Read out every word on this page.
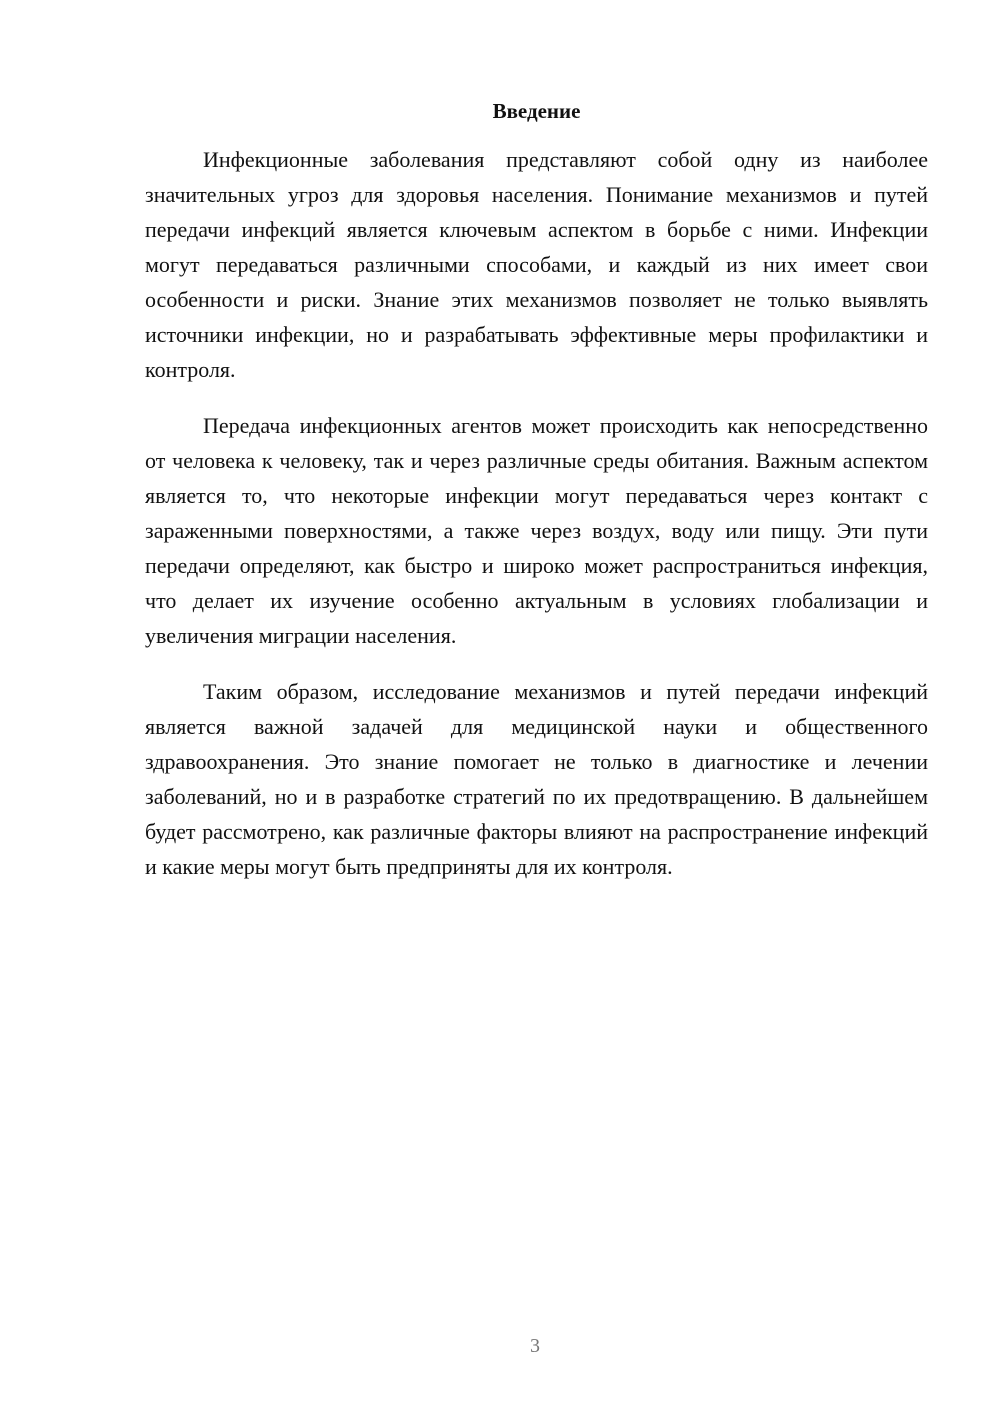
Введение

Инфекционные заболевания представляют собой одну из наиболее значительных угроз для здоровья населения. Понимание механизмов и путей передачи инфекций является ключевым аспектом в борьбе с ними. Инфекции могут передаваться различными способами, и каждый из них имеет свои особенности и риски. Знание этих механизмов позволяет не только выявлять источники инфекции, но и разрабатывать эффективные меры профилактики и контроля.

Передача инфекционных агентов может происходить как непосредственно от человека к человеку, так и через различные среды обитания. Важным аспектом является то, что некоторые инфекции могут передаваться через контакт с зараженными поверхностями, а также через воздух, воду или пищу. Эти пути передачи определяют, как быстро и широко может распространиться инфекция, что делает их изучение особенно актуальным в условиях глобализации и увеличения миграции населения.

Таким образом, исследование механизмов и путей передачи инфекций является важной задачей для медицинской науки и общественного здравоохранения. Это знание помогает не только в диагностике и лечении заболеваний, но и в разработке стратегий по их предотвращению. В дальнейшем будет рассмотрено, как различные факторы влияют на распространение инфекций и какие меры могут быть предприняты для их контроля.

3
